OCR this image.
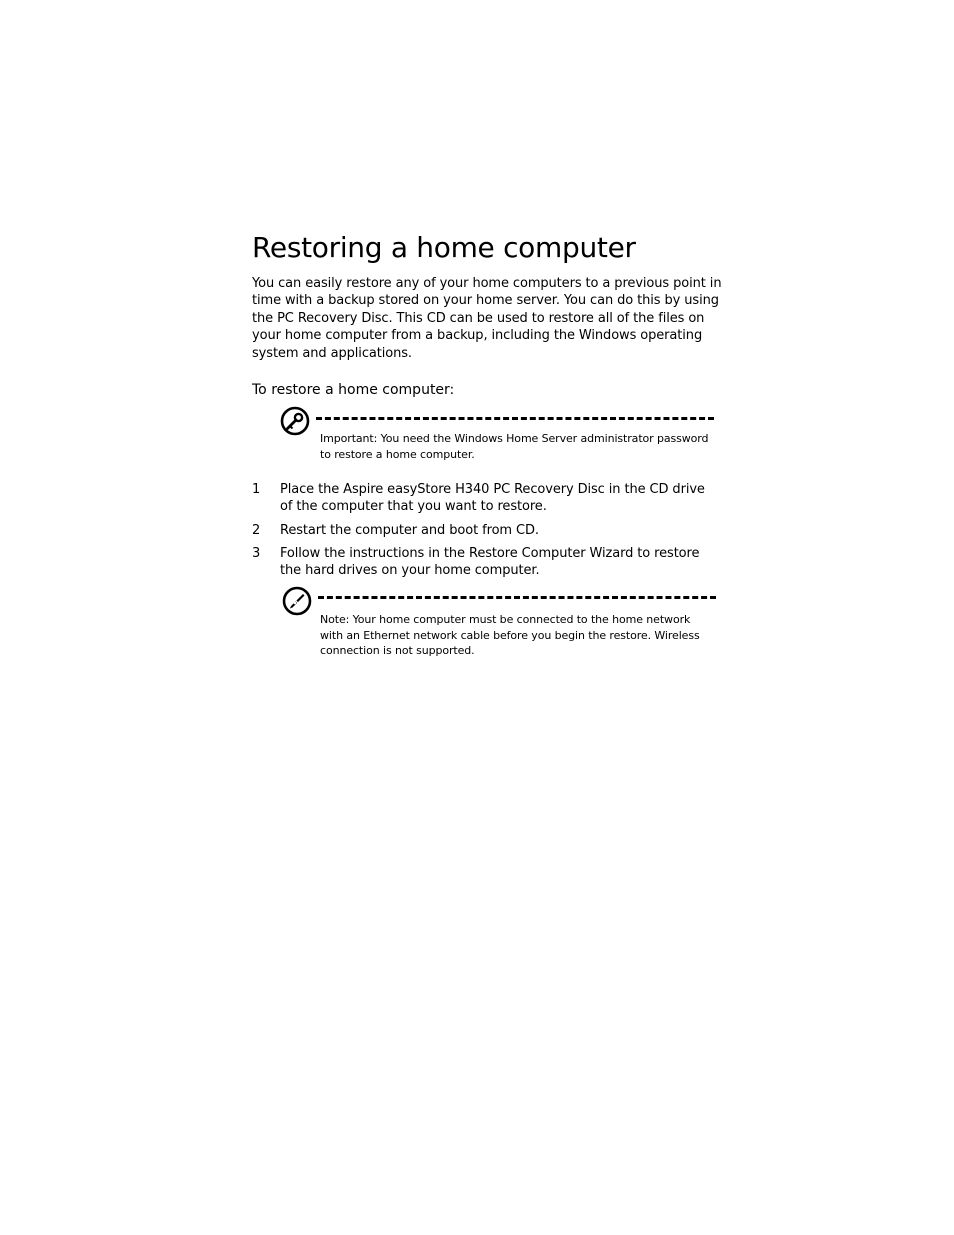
Restoring a home computer

You can easily restore any of your home computers to a previous point in time with a backup stored on your home server. You can do this by using the PC Recovery Disc. This CD can be used to restore all of the files on your home computer from a backup, including the Windows operating system and applications.

To restore a home computer:

Important: You need the Windows Home Server administrator password to restore a home computer.

1 Place the Aspire easyStore H340 PC Recovery Disc in the CD drive of the computer that you want to restore.
2 Restart the computer and boot from CD.
3 Follow the instructions in the Restore Computer Wizard to restore the hard drives on your home computer.

Note: Your home computer must be connected to the home network with an Ethernet network cable before you begin the restore. Wireless connection is not supported.
